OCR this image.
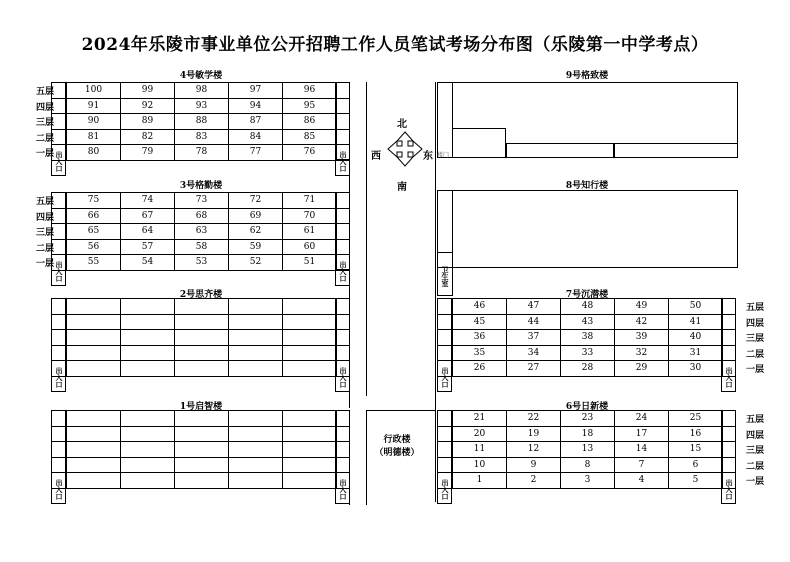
2024年乐陵市事业单位公开招聘工作人员笔试考场分布图（乐陵第一中学考点）
4号敏学楼
100	99	98	97	96
五层
91	92	93	94	95
四层
90	89	88	87	86
三层
81	82	83	84	85
二层
80	79	78	77	76
一层 出入口	出入口
3号格勤楼
75	74	73	72	71
五层
66	67	68	69	70
四层
65	64	63	62	61
三层
56	57	58	59	60
二层
55	54	53	52	51
一层 出入口	出入口
2号思齐楼
出入口	出入口
1号启智楼
出入口	出入口
7号沉潜楼
46	47	48	49	50	五层
45	44	43	42	41	四层
36	37	38	39	40	三层
35	34	33	32	31	二层
26	27	28	29	30	一层
出入口	出入口
6号日新楼
21	22	23	24	25	五层
20	19	18	17	16	四层
11	12	13	14	15	三层
10	9	8	7	6	二层
1	2	3	4	5	一层
出入口	出入口
9号格致楼
8号知行楼
卫生室
北
南
西	东
行政楼
（明德楼）
楼门
